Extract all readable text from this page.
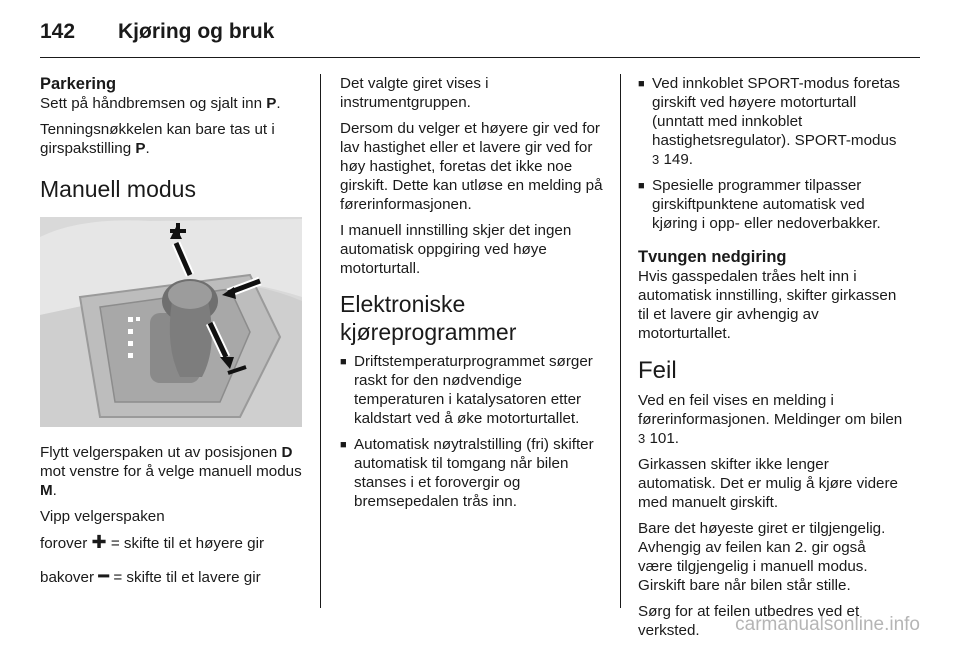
142 Kjøring og bruk
Parkering

Sett på håndbremsen og sjalt inn P.

Tenningsnøkkelen kan bare tas ut i girspakstilling P.

Manuell modus

Flytt velgerspaken ut av posisjonen D mot venstre for å velge manuell modus M.

Vipp velgerspaken

forover ✚ = skifte til et høyere gir

bakover ━ = skifte til et lavere gir

Det valgte giret vises i instrumentgruppen.

Dersom du velger et høyere gir ved for lav hastighet eller et lavere gir ved for høy hastighet, foretas det ikke noe girskift. Dette kan utløse en melding på førerinformasjonen.

I manuell innstilling skjer det ingen automatisk oppgiring ved høye motorturtall.

Elektroniske
kjøreprogrammer
■ Driftstemperaturprogrammet sørger raskt for den nødvendige temperaturen i katalysatoren etter kaldstart ved å øke motorturtallet.
■ Automatisk nøytralstilling (fri) skifter automatisk til tomgang når bilen stanses i et forovergir og bremsepedalen trås inn.
■ Ved innkoblet SPORT-modus foretas girskift ved høyere motorturtall (unntatt med innkoblet hastighetsregulator). SPORT-modus 3 149.
■ Spesielle programmer tilpasser girskiftpunktene automatisk ved kjøring i opp- eller nedoverbakker.
Tvungen nedgiring

Hvis gasspedalen tråes helt inn i automatisk innstilling, skifter girkassen til et lavere gir avhengig av motorturtallet.

Feil

Ved en feil vises en melding i førerinformasjonen. Meldinger om bilen
3 101.

Girkassen skifter ikke lenger automatisk. Det er mulig å kjøre videre med manuelt girskift.

Bare det høyeste giret er tilgjengelig. Avhengig av feilen kan 2. gir også være tilgjengelig i manuell modus. Girskift bare når bilen står stille.

Sørg for at feilen utbedres ved et verksted.	carmanualsonline.info
